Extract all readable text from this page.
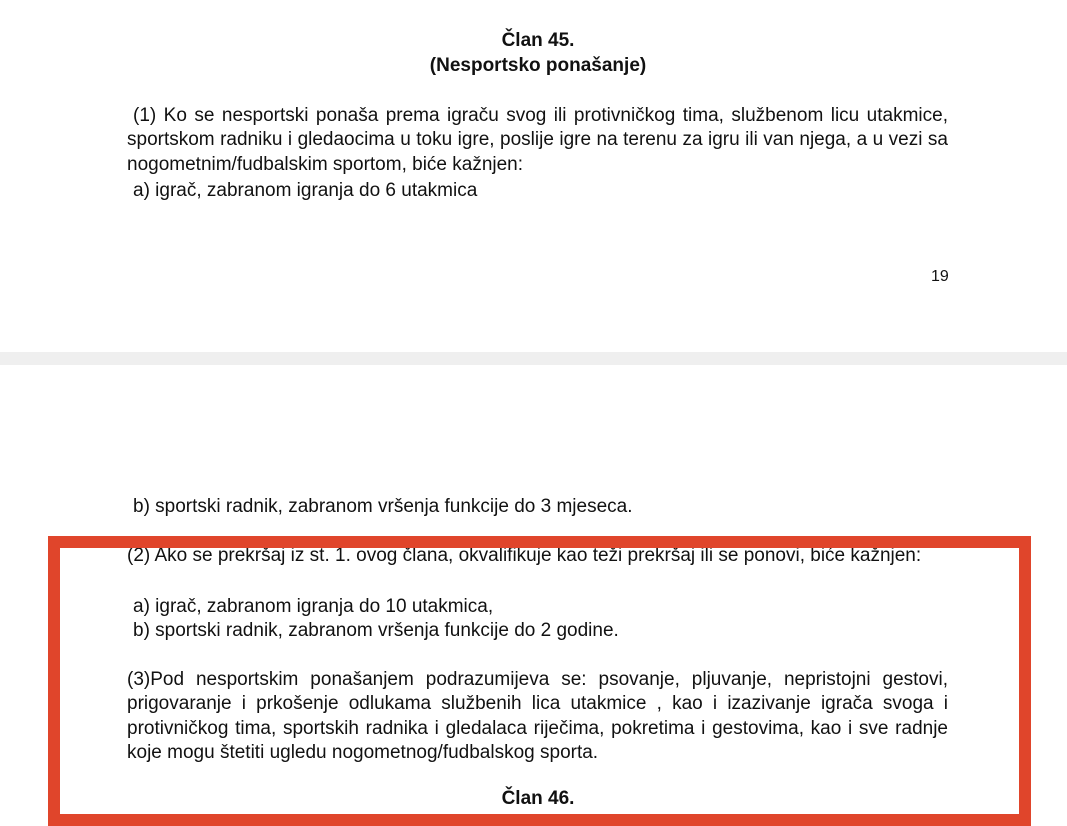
Član 45.
(Nesportsko ponašanje)

(1) Ko se nesportski ponaša prema igraču svog ili protivničkog tima, službenom licu utakmice, sportskom radniku i gledaocima u toku igre, poslije igre na terenu za igru ili van njega, a u vezi sa nogometnim/fudbalskim sportom, biće kažnjen:

a) igrač, zabranom igranja do 6 utakmica
19
b) sportski radnik, zabranom vršenja funkcije do 3 mjeseca.

(2) Ako se prekršaj iz st. 1. ovog člana, okvalifikuje kao teži prekršaj ili se ponovi, biće kažnjen:

a) igrač, zabranom igranja do 10 utakmica,
b) sportski radnik, zabranom vršenja funkcije do 2 godine.

(3)Pod nesportskim ponašanjem podrazumijeva se: psovanje, pljuvanje, nepristojni gestovi, prigovaranje i prkošenje odlukama službenih lica utakmice , kao i izazivanje igrača svoga i protivničkog tima, sportskih radnika i gledalaca riječima, pokretima i gestovima, kao i sve radnje koje mogu štetiti ugledu nogometnog/fudbalskog sporta.

Član 46.
